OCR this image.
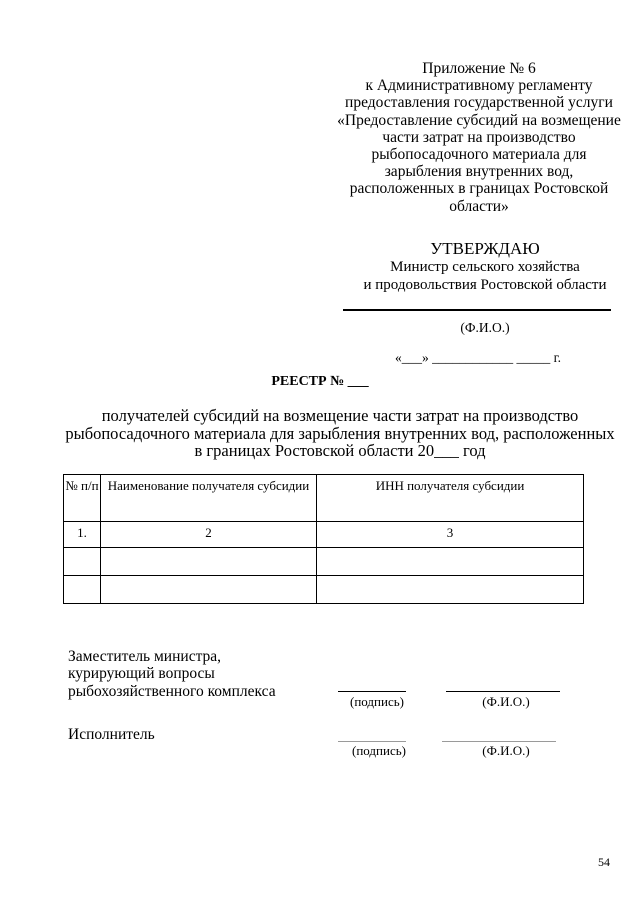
Приложение № 6
к Административному регламенту
предоставления государственной услуги
«Предоставление субсидий на возмещение
части затрат на производство
рыбопосадочного материала для
зарыбления внутренних вод,
расположенных в границах Ростовской
области»
УТВЕРЖДАЮ
Министр сельского хозяйства
и продовольствия Ростовской области
(Ф.И.О.)
«___» ____________ _____ г.
РЕЕСТР № ___
получателей субсидий на возмещение части затрат на производство
рыбопосадочного материала для зарыбления внутренних вод, расположенных
в границах Ростовской области 20___ год
№ п/п	Наименование получателя субсидии	ИНН получателя субсидии

1.	2	3

Заместитель министра,
курирующий вопросы
рыбохозяйственного комплекса
(подпись)	(Ф.И.О.)
Исполнитель
(подпись)	(Ф.И.О.)
54
